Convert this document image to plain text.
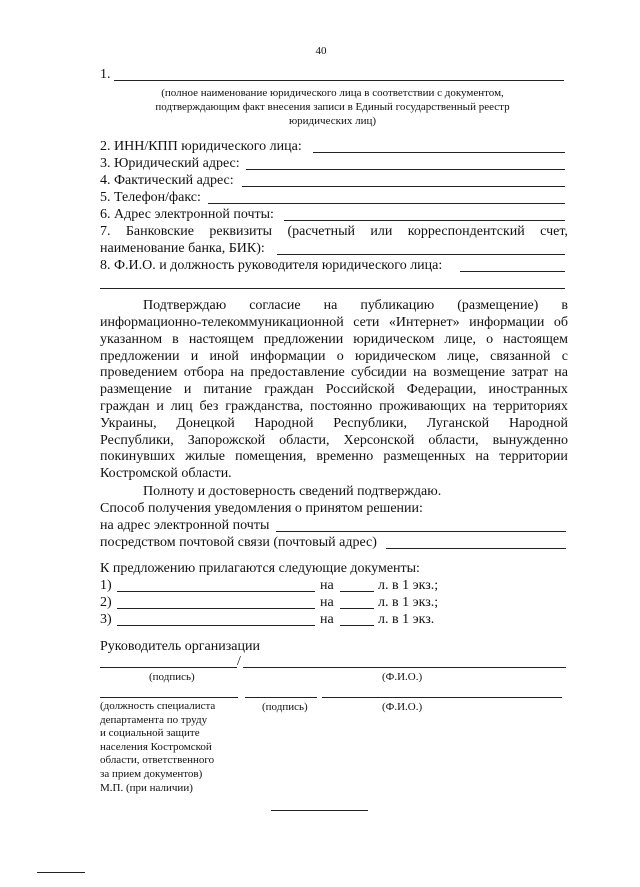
40
1.
(полное наименование юридического лица в соответствии с документом,
подтверждающим факт внесения записи в Единый государственный реестр
юридических лиц)
2. ИНН/КПП юридического лица:
3. Юридический адрес:
4. Фактический адрес:
5. Телефон/факс:
6. Адрес электронной почты:
7. Банковские реквизиты (расчетный или корреспондентский счет,
наименование банка, БИК):
8. Ф.И.О. и должность руководителя юридического лица:
Подтверждаю согласие на публикацию (размещение) в
информационно-телекоммуникационной сети «Интернет» информации об
указанном в настоящем предложении юридическом лице, о настоящем
предложении и иной информации о юридическом лице, связанной с
проведением отбора на предоставление субсидии на возмещение затрат на
размещение и питание граждан Российской Федерации, иностранных
граждан и лиц без гражданства, постоянно проживающих на территориях
Украины, Донецкой Народной Республики, Луганской Народной
Республики, Запорожской области, Херсонской области, вынужденно
покинувших жилые помещения, временно размещенных на территории
Костромской области.
Полноту и достоверность сведений подтверждаю.
Способ получения уведомления о принятом решении:
на адрес электронной почты
посредством почтовой связи (почтовый адрес)
К предложению прилагаются следующие документы:
1)	на	л. в 1 экз.;
2)	на	л. в 1 экз.;
3)	на	л. в 1 экз.
Руководитель организации
/
(подпись)	(Ф.И.О.)
(должность специалиста
департамента по труду
и социальной защите
населения Костромской
области, ответственного
за прием документов)
М.П. (при наличии)
(подпись)	(Ф.И.О.)
